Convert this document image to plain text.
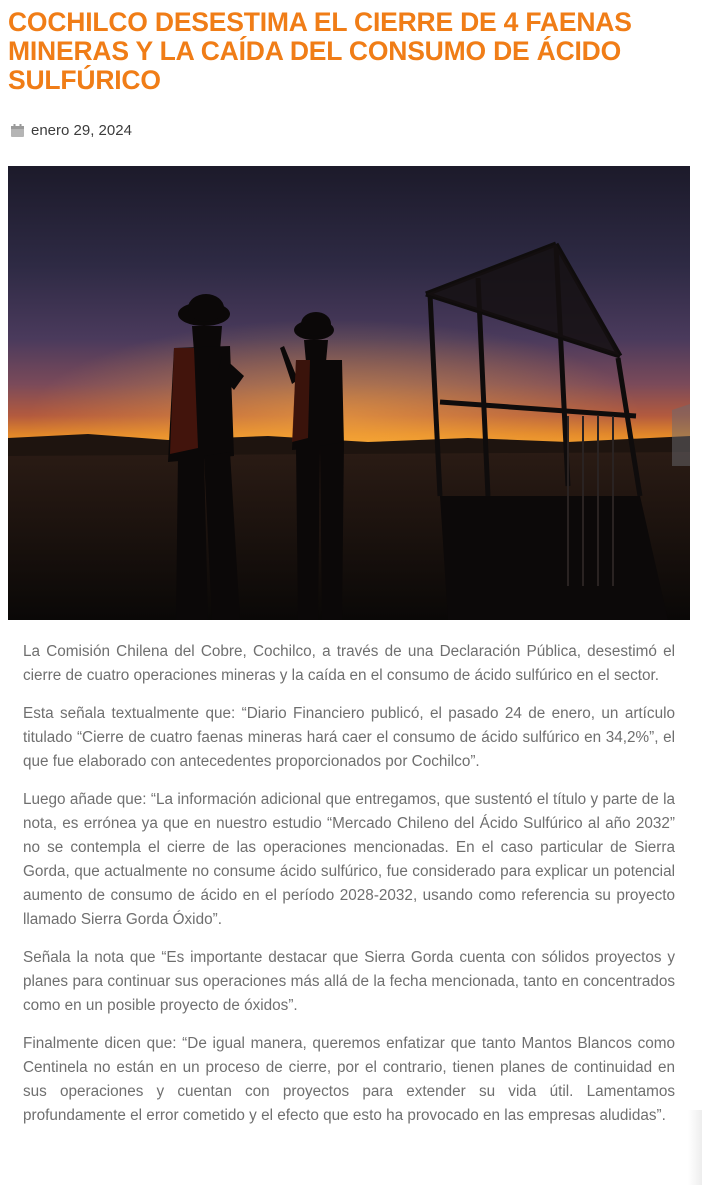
COCHILCO DESESTIMA EL CIERRE DE 4 FAENAS MINERAS Y LA CAÍDA DEL CONSUMO DE ÁCIDO SULFÚRICO
enero 29, 2024

La Comisión Chilena del Cobre, Cochilco, a través de una Declaración Pública, desestimó el cierre de cuatro operaciones mineras y la caída en el consumo de ácido sulfúrico en el sector.

Esta señala textualmente que: “Diario Financiero publicó, el pasado 24 de enero, un artículo titulado “Cierre de cuatro faenas mineras hará caer el consumo de ácido sulfúrico en 34,2%”, el que fue elaborado con antecedentes proporcionados por Cochilco”.

Luego añade que: “La información adicional que entregamos, que sustentó el título y parte de la nota, es errónea ya que en nuestro estudio “Mercado Chileno del Ácido Sulfúrico al año 2032” no se contempla el cierre de las operaciones mencionadas. En el caso particular de Sierra Gorda, que actualmente no consume ácido sulfúrico, fue considerado para explicar un potencial aumento de consumo de ácido en el período 2028-2032, usando como referencia su proyecto llamado Sierra Gorda Óxido”.

Señala la nota que “Es importante destacar que Sierra Gorda cuenta con sólidos proyectos y planes para continuar sus operaciones más allá de la fecha mencionada, tanto en concentrados como en un posible proyecto de óxidos”.

Finalmente dicen que: “De igual manera, queremos enfatizar que tanto Mantos Blancos como Centinela no están en un proceso de cierre, por el contrario, tienen planes de continuidad en sus operaciones y cuentan con proyectos para extender su vida útil. Lamentamos profundamente el error cometido y el efecto que esto ha provocado en las empresas aludidas”.
